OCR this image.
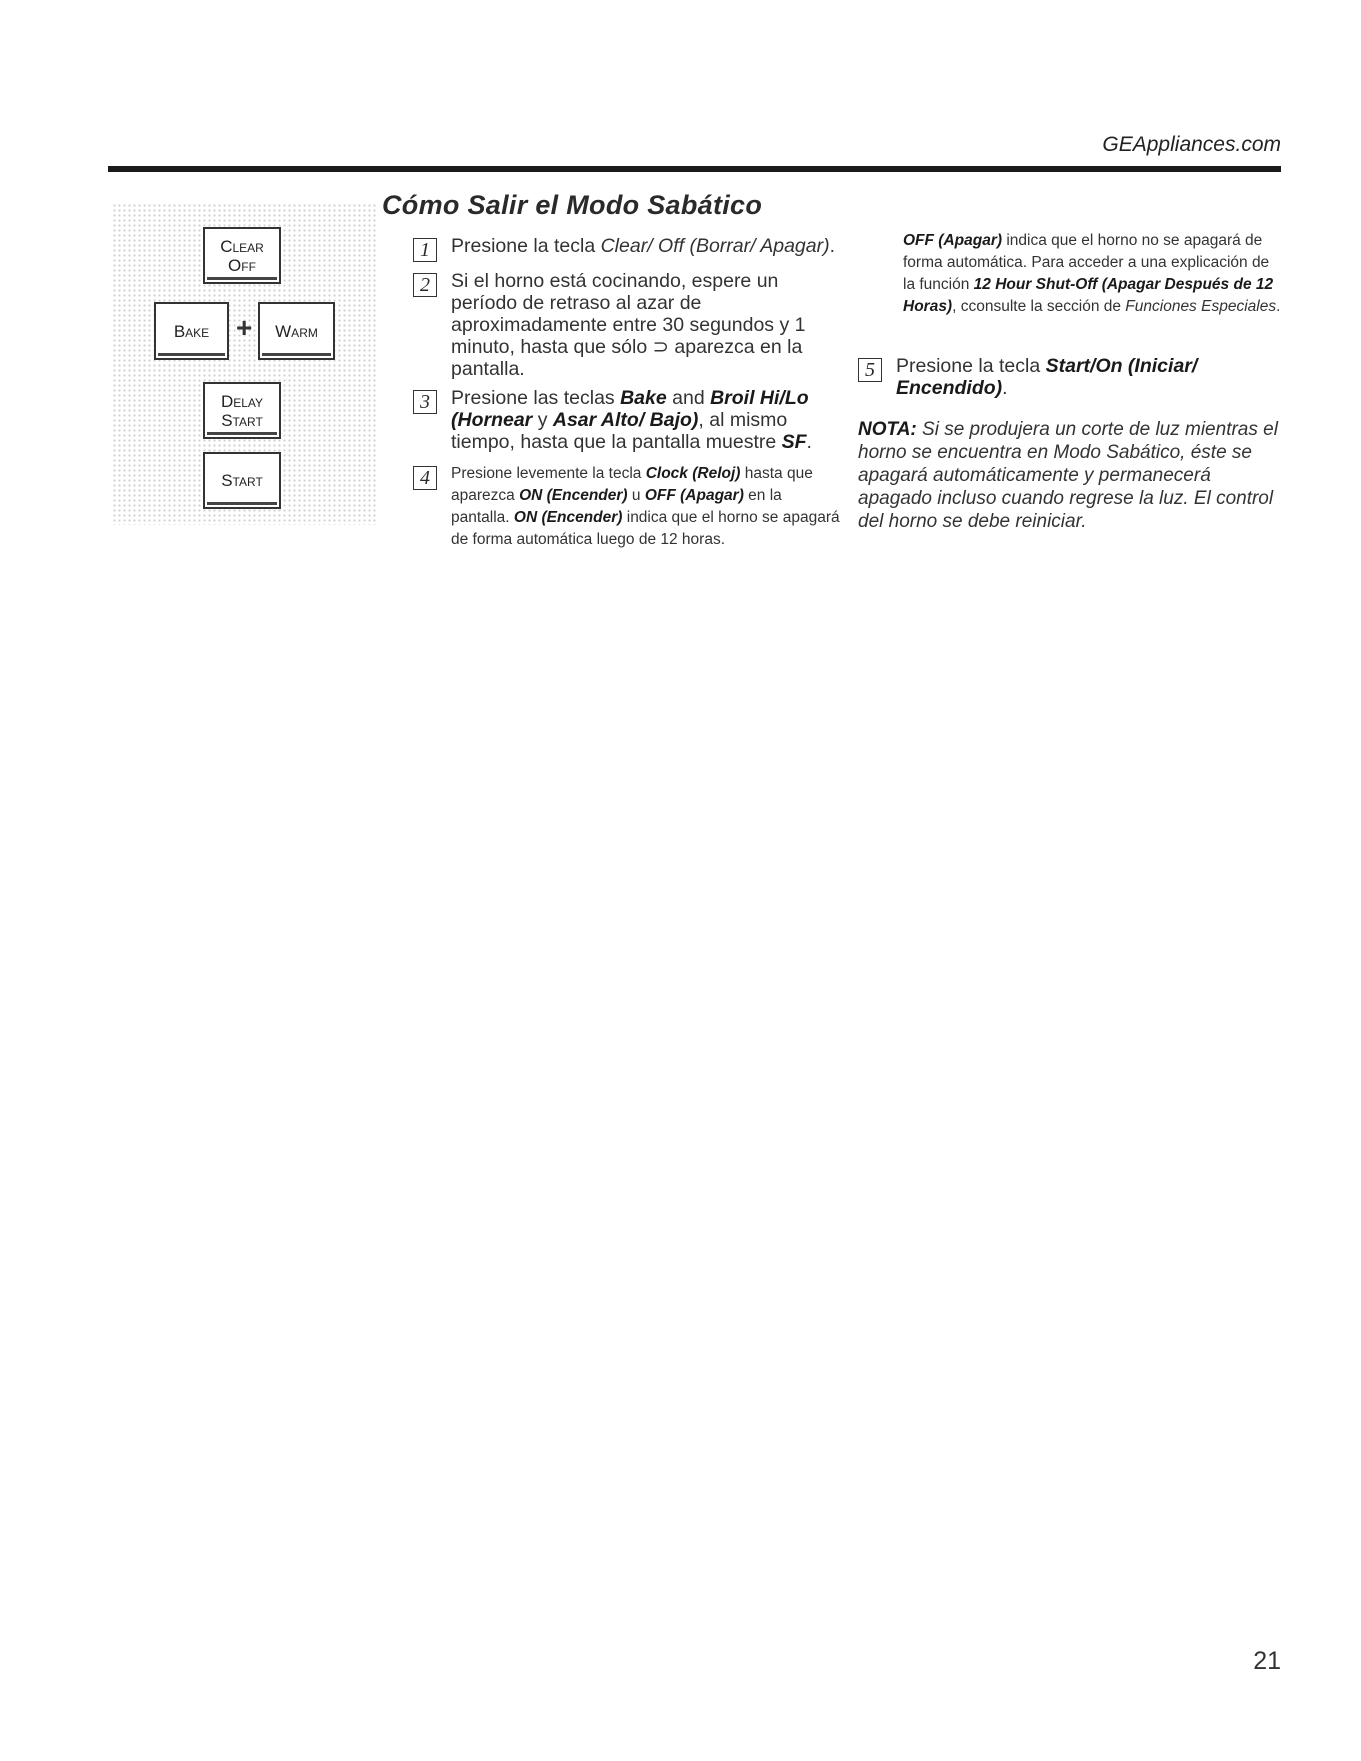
GEAppliances.com
Clear
Off
Bake + Warm
Delay
Start
Start
Cómo Salir el Modo Sabático
1	Presione la tecla Clear/ Off (Borrar/ Apagar).
2	Si el horno está cocinando, espere un período de retraso al azar de aproximadamente entre 30 segundos y 1 minuto, hasta que sólo ⊃ aparezca en la pantalla.
3	Presione las teclas Bake and Broil Hi/Lo (Hornear y Asar Alto/ Bajo), al mismo tiempo, hasta que la pantalla muestre SF.
4	Presione levemente la tecla Clock (Reloj) hasta que aparezca ON (Encender) u OFF (Apagar) en la pantalla. ON (Encender) indica que el horno se apagará de forma automática luego de 12 horas.
OFF (Apagar) indica que el horno no se apagará de forma automática. Para acceder a una explicación de la función 12 Hour Shut-Off (Apagar Después de 12 Horas), cconsulte la sección de Funciones Especiales.
5	Presione la tecla Start/On (Iniciar/ Encendido).
NOTA: Si se produjera un corte de luz mientras el horno se encuentra en Modo Sabático, éste se apagará automáticamente y permanecerá apagado incluso cuando regrese la luz. El control del horno se debe reiniciar.
21
